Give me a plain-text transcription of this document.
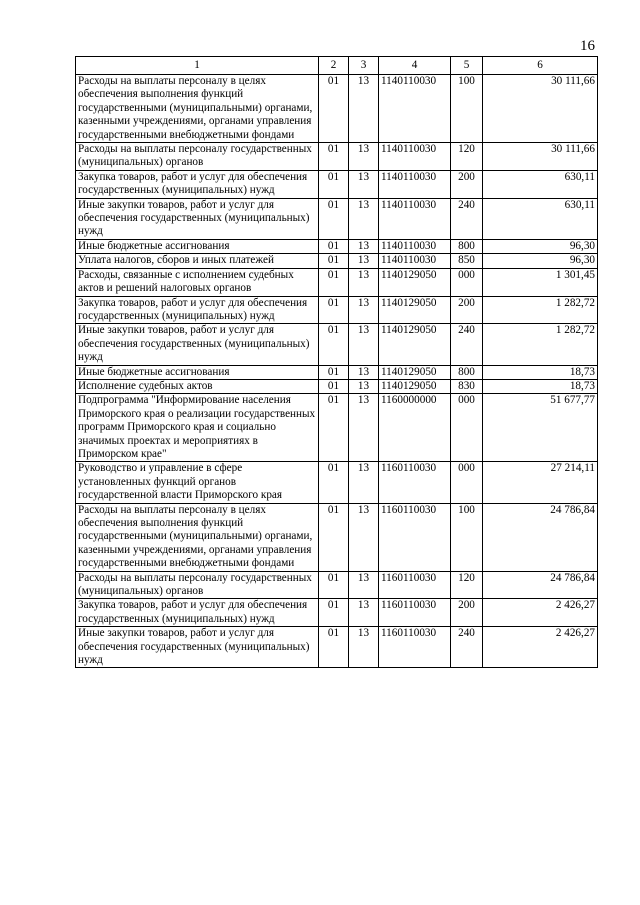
16
1	2	3	4	5	6
Расходы на выплаты персоналу в целях обеспечения выполнения функций государственными (муниципальными) органами, казенными учреждениями, органами управления государственными внебюджетными фондами	01	13	1140110030	100	30 111,66
Расходы на выплаты персоналу государственных (муниципальных) органов	01	13	1140110030	120	30 111,66
Закупка товаров, работ и услуг для обеспечения государственных (муниципальных) нужд	01	13	1140110030	200	630,11
Иные закупки товаров, работ и услуг для обеспечения государственных (муниципальных) нужд	01	13	1140110030	240	630,11
Иные бюджетные ассигнования	01	13	1140110030	800	96,30
Уплата налогов, сборов и иных платежей	01	13	1140110030	850	96,30
Расходы, связанные с исполнением судебных актов и решений налоговых органов	01	13	1140129050	000	1 301,45
Закупка товаров, работ и услуг для обеспечения государственных (муниципальных) нужд	01	13	1140129050	200	1 282,72
Иные закупки товаров, работ и услуг для обеспечения государственных (муниципальных) нужд	01	13	1140129050	240	1 282,72
Иные бюджетные ассигнования	01	13	1140129050	800	18,73
Исполнение судебных актов	01	13	1140129050	830	18,73
Подпрограмма "Информирование населения Приморского края о реализации государственных программ Приморского края и социально значимых проектах и мероприятиях в Приморском крае"	01	13	1160000000	000	51 677,77
Руководство и управление в сфере установленных функций органов государственной власти Приморского края	01	13	1160110030	000	27 214,11
Расходы на выплаты персоналу в целях обеспечения выполнения функций государственными (муниципальными) органами, казенными учреждениями, органами управления государственными внебюджетными фондами	01	13	1160110030	100	24 786,84
Расходы на выплаты персоналу государственных (муниципальных) органов	01	13	1160110030	120	24 786,84
Закупка товаров, работ и услуг для обеспечения государственных (муниципальных) нужд	01	13	1160110030	200	2 426,27
Иные закупки товаров, работ и услуг для обеспечения государственных (муниципальных) нужд	01	13	1160110030	240	2 426,27
